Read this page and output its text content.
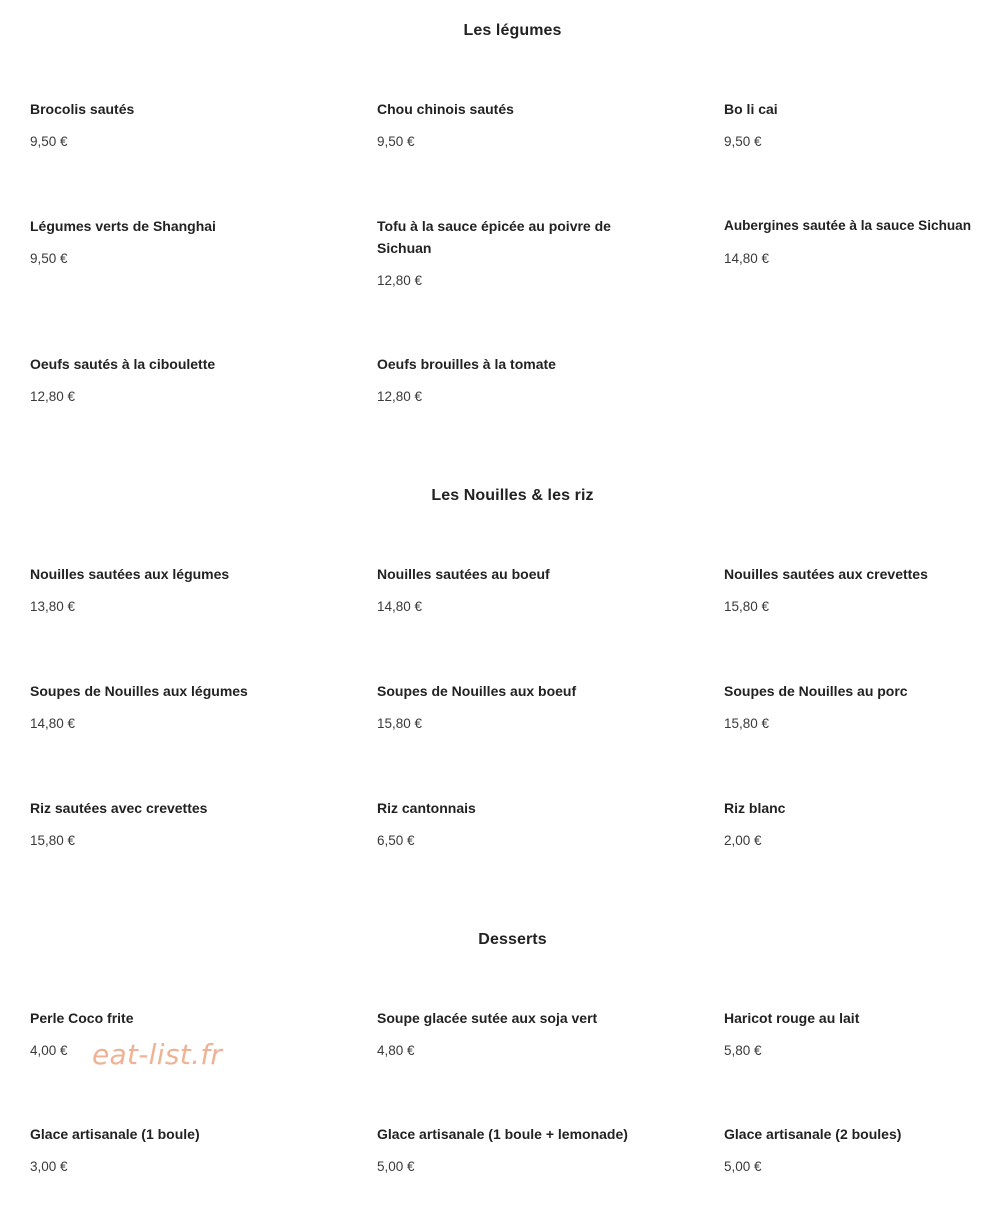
Les légumes
Brocolis sautés
9,50 €
Chou chinois sautés
9,50 €
Bo li cai
9,50 €
Légumes verts de Shanghai
9,50 €
Tofu à la sauce épicée au poivre de Sichuan
12,80 €
Aubergines sautée à la sauce Sichuan
14,80 €
Oeufs sautés à la ciboulette
12,80 €
Oeufs brouilles à la tomate
12,80 €
Les Nouilles & les riz
Nouilles sautées aux légumes
13,80 €
Nouilles sautées au boeuf
14,80 €
Nouilles sautées aux crevettes
15,80 €
Soupes de Nouilles aux légumes
14,80 €
Soupes de Nouilles aux boeuf
15,80 €
Soupes de Nouilles au porc
15,80 €
Riz sautées avec crevettes
15,80 €
Riz cantonnais
6,50 €
Riz blanc
2,00 €
Desserts
Perle Coco frite
4,00 €
Soupe glacée sutée aux soja vert
4,80 €
Haricot rouge au lait
5,80 €
Glace artisanale (1 boule)
3,00 €
Glace artisanale (1 boule + lemonade)
5,00 €
Glace artisanale (2 boules)
5,00 €
eat-list.fr
